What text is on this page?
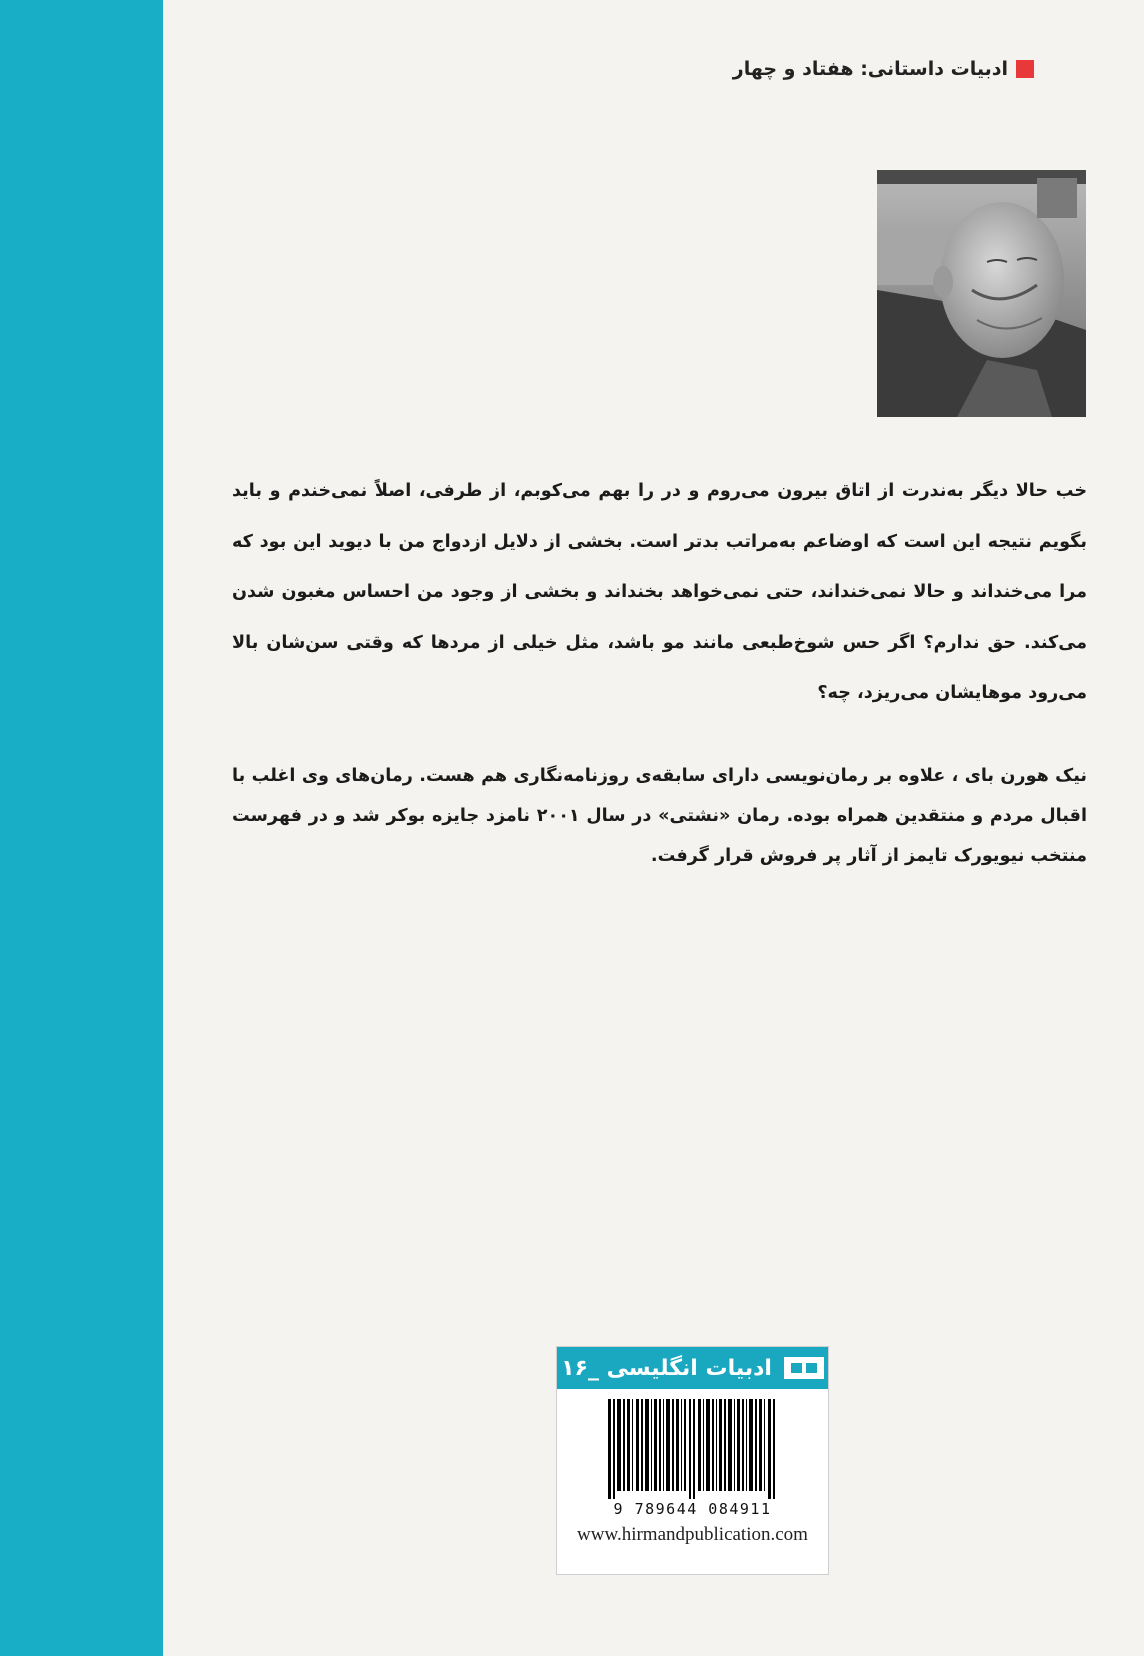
ادبیات داستانی: هفتاد و چهار

خب حالا دیگر به‌ندرت از اتاق بیرون می‌روم و در را بهم می‌کوبم، از طرفی، اصلاً نمی‌خندم و باید بگویم نتیجه این است که اوضاعم به‌مراتب بدتر است. بخشی از دلایل ازدواج من با دیوید این بود که مرا می‌خنداند و حالا نمی‌خنداند، حتی نمی‌خواهد بخنداند و بخشی از وجود من احساس مغبون شدن می‌کند. حق ندارم؟ اگر حس شوخ‌طبعی مانند مو باشد، مثل خیلی از مردها که وقتی سن‌شان بالا می‌رود موهایشان می‌ریزد، چه؟

نیک هورن بای ، علاوه بر رمان‌نویسی دارای سابقه‌ی روزنامه‌نگاری هم هست. رمان‌های وی اغلب با اقبال مردم و منتقدین همراه بوده. رمان «نشتی» در سال ۲۰۰۱ نامزد جایزه بوکر شد و در فهرست منتخب نیویورک تایمز از آثار پر فروش قرار گرفت.

ادبیات انگلیسی _۱۶
9 789644 084911
www.hirmandpublication.com
